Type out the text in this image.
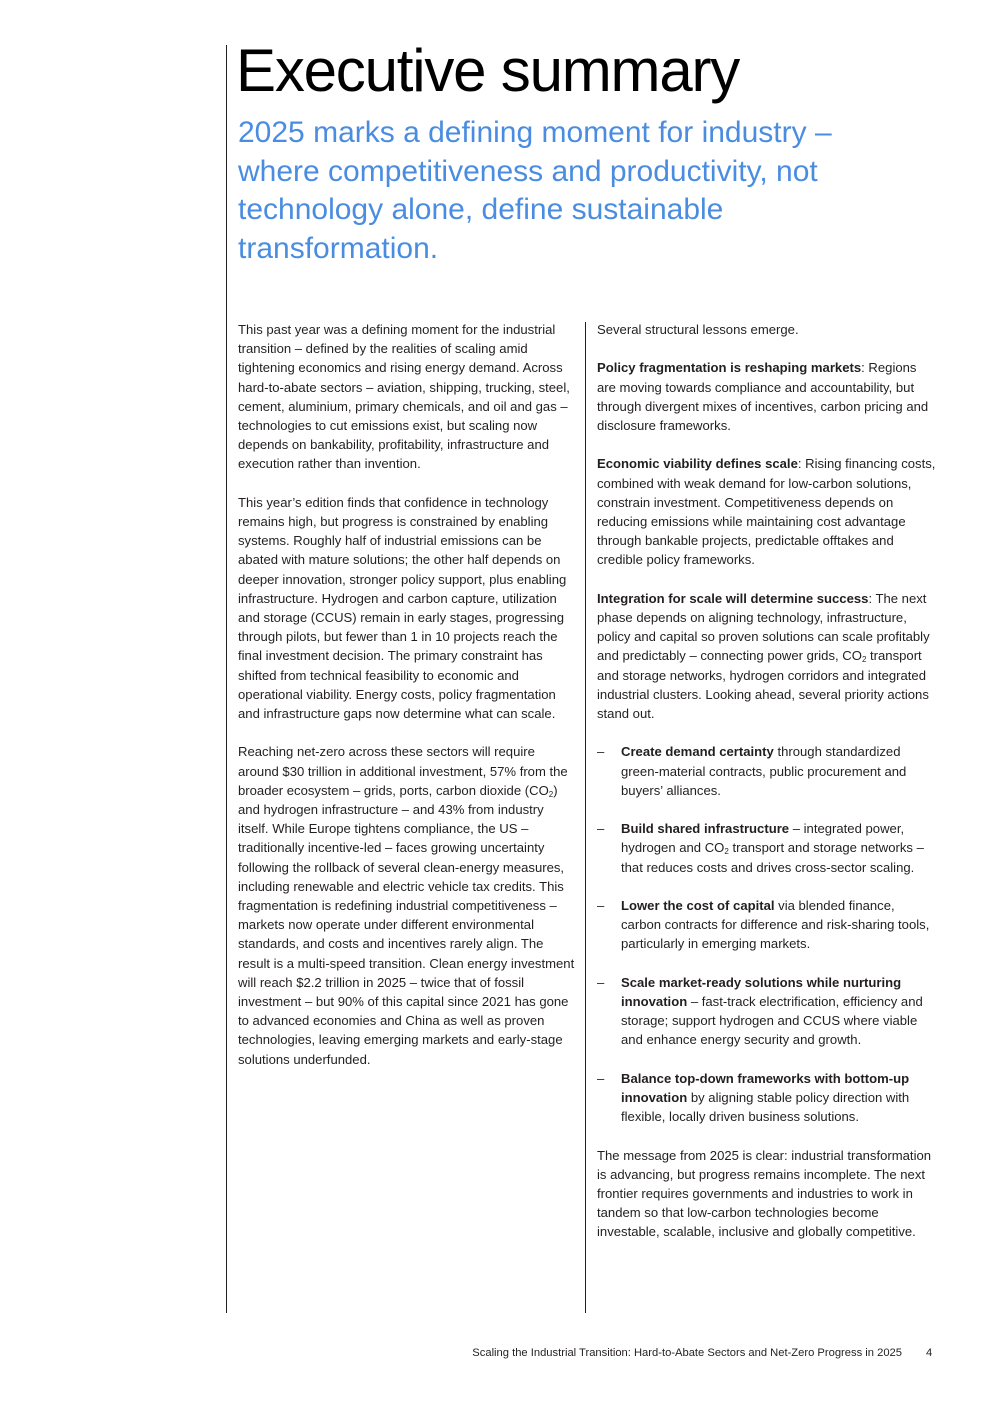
Executive summary
2025 marks a defining moment for industry – where competitiveness and productivity, not technology alone, define sustainable transformation.

This past year was a defining moment for the industrial transition – defined by the realities of scaling amid tightening economics and rising energy demand. Across hard-to-abate sectors – aviation, shipping, trucking, steel, cement, aluminium, primary chemicals, and oil and gas – technologies to cut emissions exist, but scaling now depends on bankability, profitability, infrastructure and execution rather than invention.

This year’s edition finds that confidence in technology remains high, but progress is constrained by enabling systems. Roughly half of industrial emissions can be abated with mature solutions; the other half depends on deeper innovation, stronger policy support, plus enabling infrastructure. Hydrogen and carbon capture, utilization and storage (CCUS) remain in early stages, progressing through pilots, but fewer than 1 in 10 projects reach the final investment decision. The primary constraint has shifted from technical feasibility to economic and operational viability. Energy costs, policy fragmentation and infrastructure gaps now determine what can scale.

Reaching net-zero across these sectors will require around $30 trillion in additional investment, 57% from the broader ecosystem – grids, ports, carbon dioxide $(CO_2)$ and hydrogen infrastructure – and 43% from industry itself. While Europe tightens compliance, the US – traditionally incentive-led – faces growing uncertainty following the rollback of several clean-energy measures, including renewable and electric vehicle tax credits. This fragmentation is redefining industrial competitiveness – markets now operate under different environmental standards, and costs and incentives rarely align. The result is a multi-speed transition. Clean energy investment will reach $2.2 trillion in 2025 – twice that of fossil investment – but 90% of this capital since 2021 has gone to advanced economies and China as well as proven technologies, leaving emerging markets and early-stage solutions underfunded.

Several structural lessons emerge.

Policy fragmentation is reshaping markets: Regions are moving towards compliance and accountability, but through divergent mixes of incentives, carbon pricing and disclosure frameworks.

Economic viability defines scale: Rising financing costs, combined with weak demand for low-carbon solutions, constrain investment. Competitiveness depends on reducing emissions while maintaining cost advantage through bankable projects, predictable offtakes and credible policy frameworks.

Integration for scale will determine success: The next phase depends on aligning technology, infrastructure, policy and capital so proven solutions can scale profitably and predictably – connecting power grids, $CO_2$ transport and storage networks, hydrogen corridors and integrated industrial clusters. Looking ahead, several priority actions stand out.

– Create demand certainty through standardized green-material contracts, public procurement and buyers’ alliances.
– Build shared infrastructure – integrated power, hydrogen and $CO_2$ transport and storage networks – that reduces costs and drives cross-sector scaling.
– Lower the cost of capital via blended finance, carbon contracts for difference and risk-sharing tools, particularly in emerging markets.
– Scale market-ready solutions while nurturing innovation – fast-track electrification, efficiency and storage; support hydrogen and CCUS where viable and enhance energy security and growth.
– Balance top-down frameworks with bottom-up innovation by aligning stable policy direction with flexible, locally driven business solutions.

The message from 2025 is clear: industrial transformation is advancing, but progress remains incomplete. The next frontier requires governments and industries to work in tandem so that low-carbon technologies become investable, scalable, inclusive and globally competitive.

Scaling the Industrial Transition: Hard-to-Abate Sectors and Net-Zero Progress in 2025 4
